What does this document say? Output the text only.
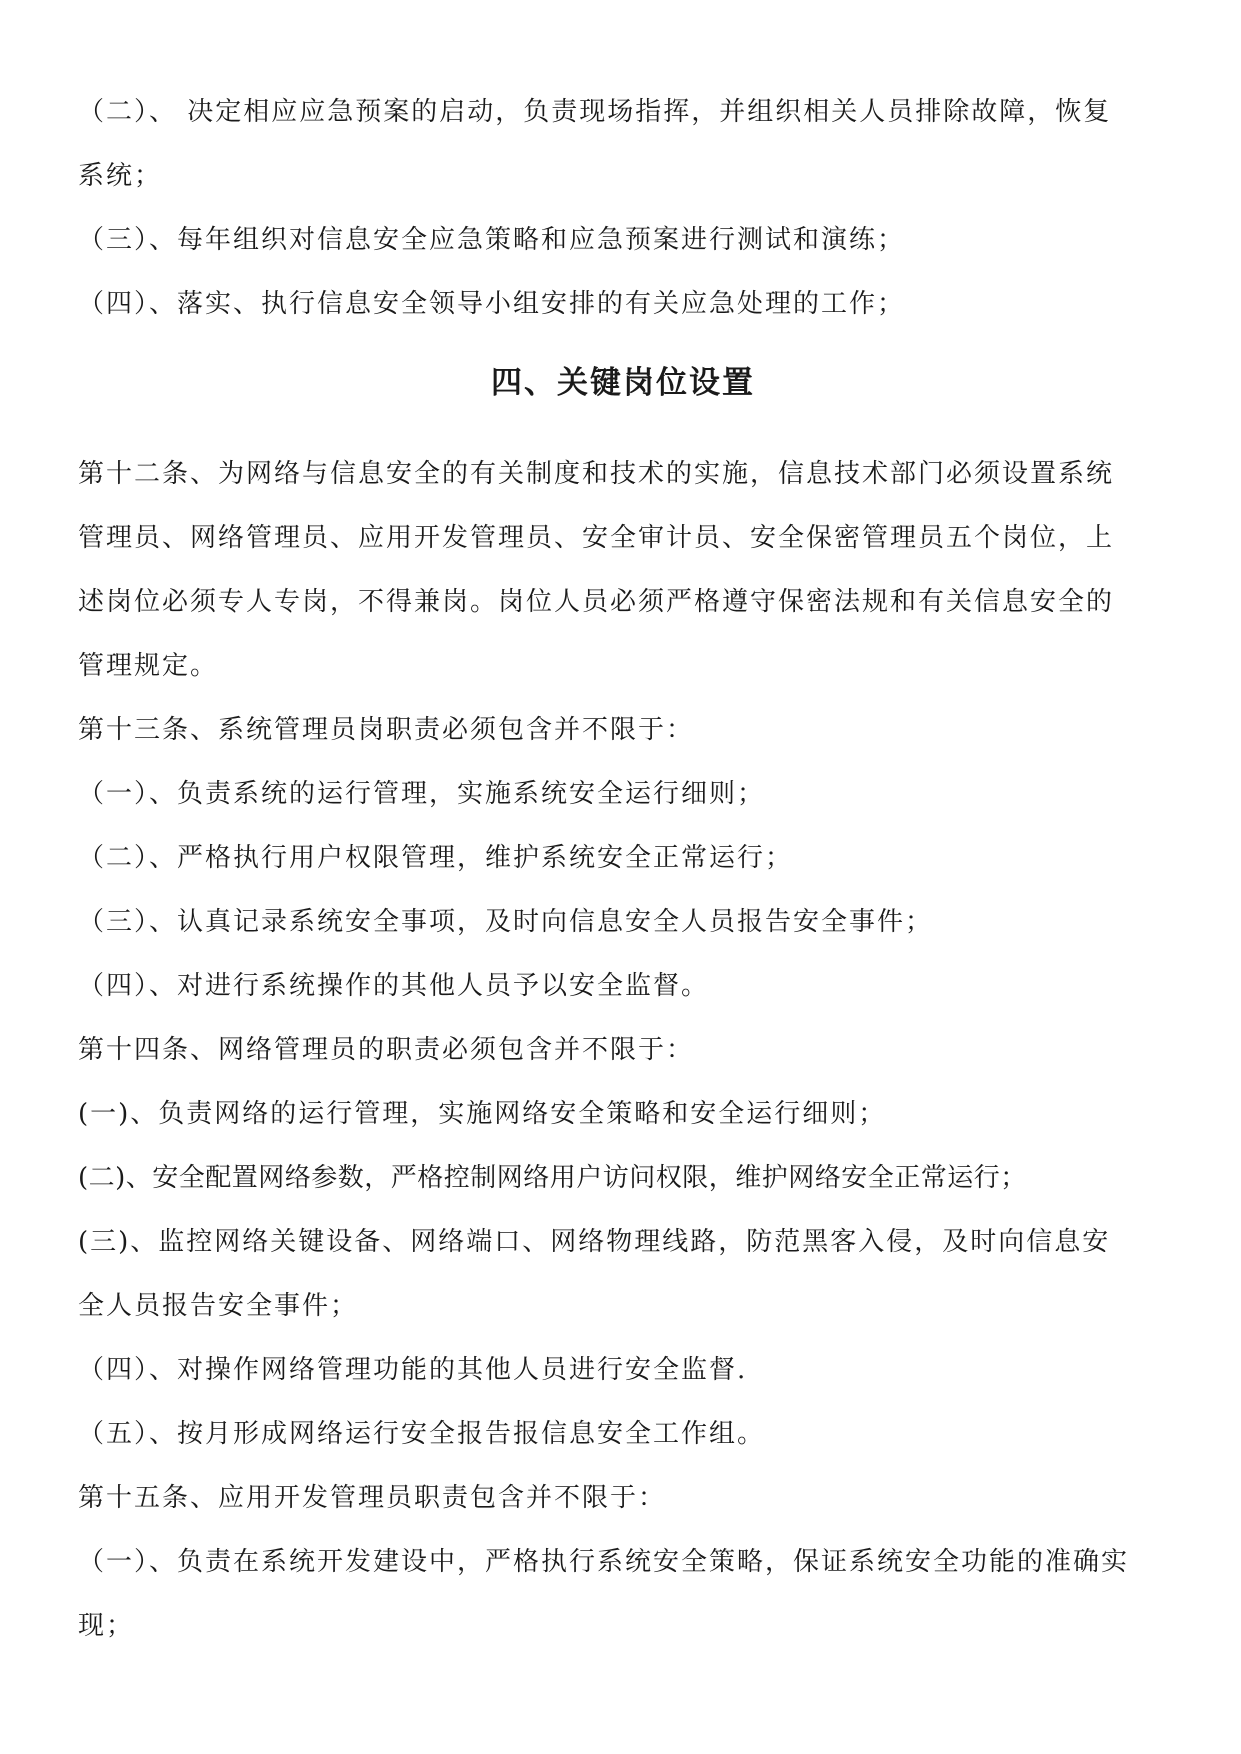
（二）、 决定相应应急预案的启动，负责现场指挥，并组织相关人员排除故障，恢复
系统；
（三）、每年组织对信息安全应急策略和应急预案进行测试和演练；
（四）、落实、执行信息安全领导小组安排的有关应急处理的工作；
四、关键岗位设置
第十二条、为网络与信息安全的有关制度和技术的实施，信息技术部门必须设置系统
管理员、网络管理员、应用开发管理员、安全审计员、安全保密管理员五个岗位，上
述岗位必须专人专岗，不得兼岗。岗位人员必须严格遵守保密法规和有关信息安全的
管理规定。
第十三条、系统管理员岗职责必须包含并不限于：
（一）、负责系统的运行管理，实施系统安全运行细则；
（二）、严格执行用户权限管理，维护系统安全正常运行；
（三）、认真记录系统安全事项，及时向信息安全人员报告安全事件；
（四）、对进行系统操作的其他人员予以安全监督。
第十四条、网络管理员的职责必须包含并不限于：
(一)、负责网络的运行管理，实施网络安全策略和安全运行细则；
(二)、安全配置网络参数，严格控制网络用户访问权限，维护网络安全正常运行；
(三)、监控网络关键设备、网络端口、网络物理线路，防范黑客入侵，及时向信息安
全人员报告安全事件；
（四）、对操作网络管理功能的其他人员进行安全监督.
（五）、按月形成网络运行安全报告报信息安全工作组。
第十五条、应用开发管理员职责包含并不限于：
（一）、负责在系统开发建设中，严格执行系统安全策略，保证系统安全功能的准确实
现；
